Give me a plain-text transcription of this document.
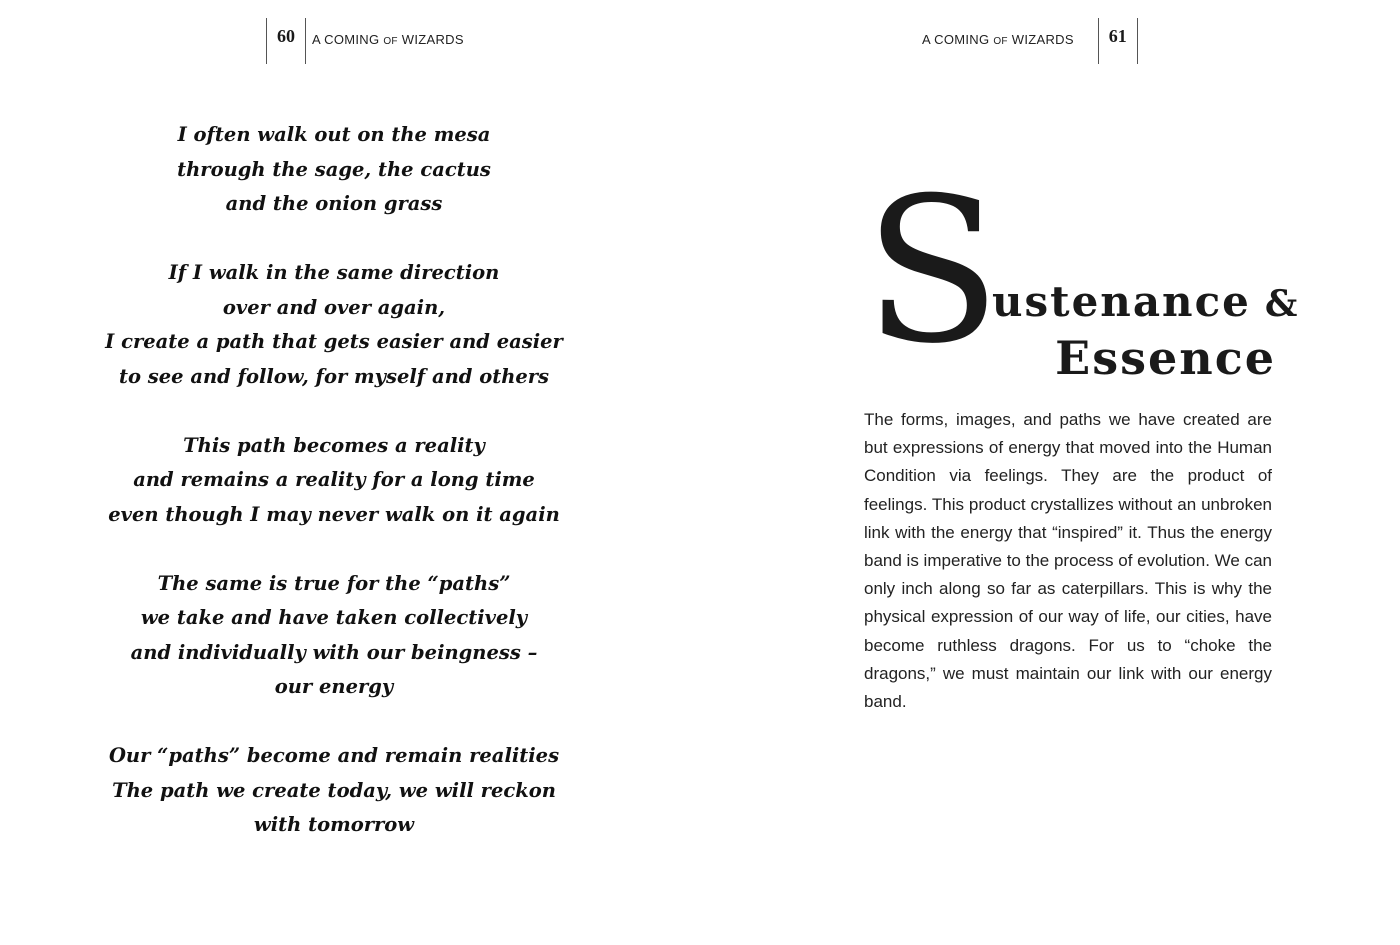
60	A COMING OF WIZARDS
I often walk out on the mesa
through the sage, the cactus
and the onion grass
If I walk in the same direction
over and over again,
I create a path that gets easier and easier
to see and follow, for myself and others
This path becomes a reality
and remains a reality for a long time
even though I may never walk on it again
The same is true for the “paths”
we take and have taken collectively
and individually with our beingness –
our energy
Our “paths” become and remain realities
The path we create today, we will reckon
with tomorrow
A COMING OF WIZARDS	61
S
ustenance &
Essence
The forms, images, and paths we have created are but expressions of energy that moved into the Human Condition via feelings. They are the product of feelings. This product crystallizes without an unbroken link with the energy that “inspired” it. Thus the energy band is imperative to the process of evolution. We can only inch along so far as caterpillars. This is why the physical expression of our way of life, our cities, have become ruthless dragons. For us to “choke the dragons,” we must maintain our link with our energy band.
